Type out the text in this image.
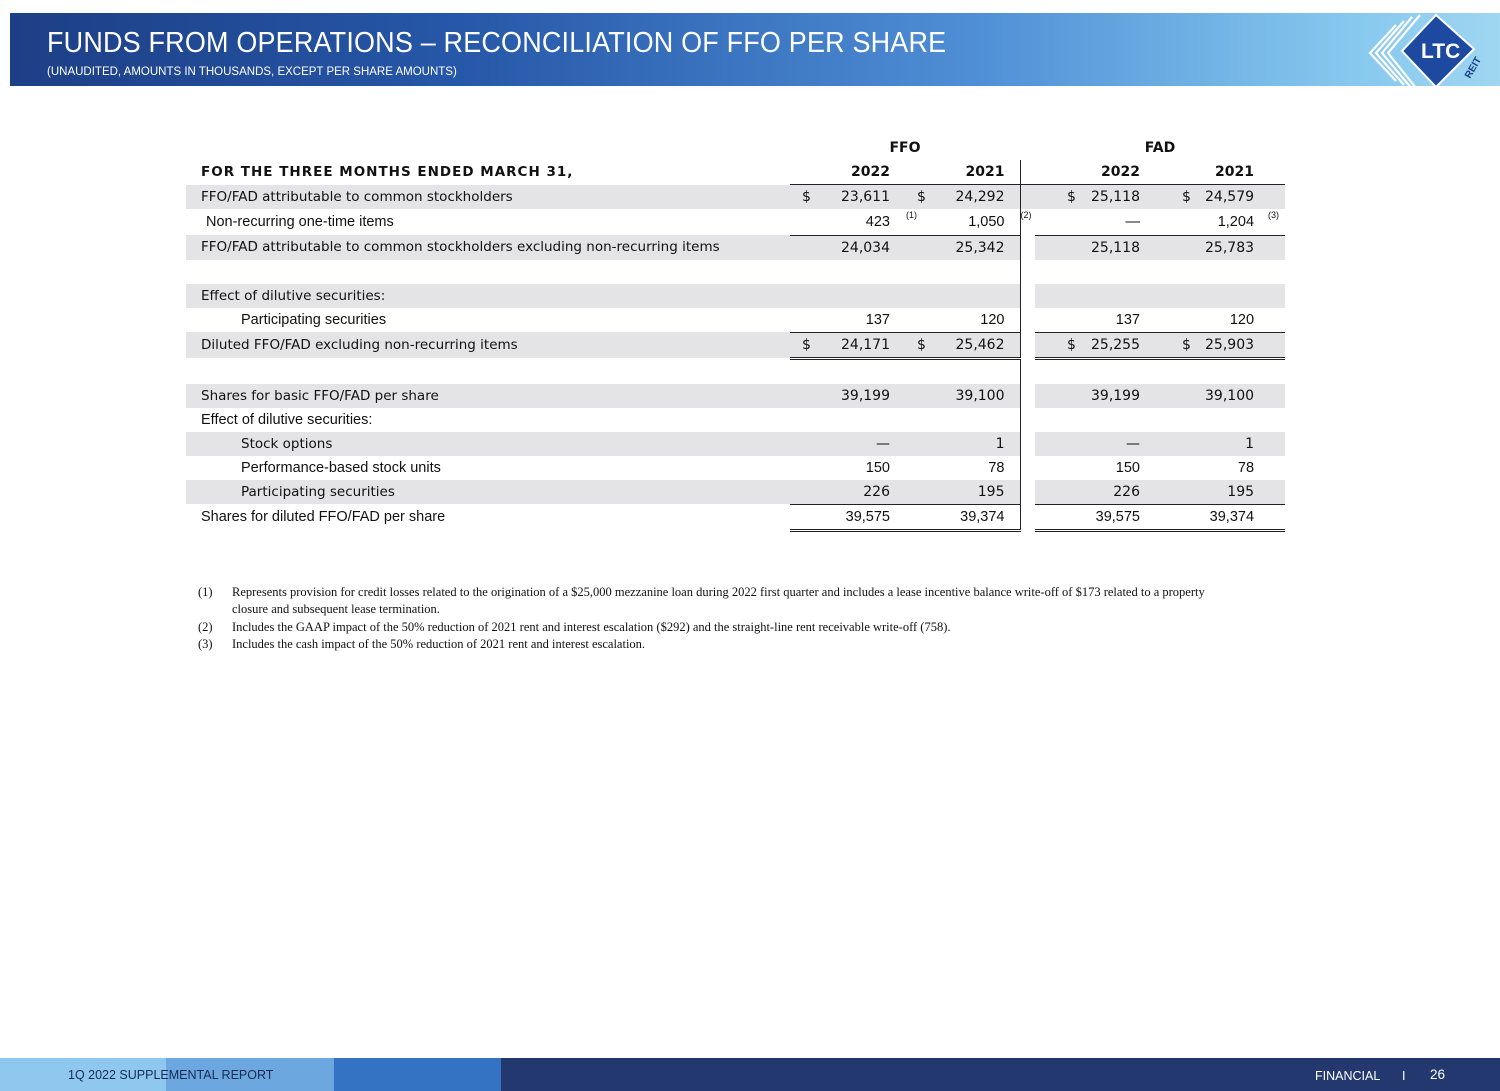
FUNDS FROM OPERATIONS – RECONCILIATION OF FFO PER SHARE
(UNAUDITED, AMOUNTS IN THOUSANDS, EXCEPT PER SHARE AMOUNTS)
LTC
REIT
	FFO			FAD	
FOR THE THREE MONTHS ENDED MARCH 31,	2022	2021		2022	2021
FFO/FAD attributable to common stockholders	$ 23,611	$ 24,292		$ 25,118	$ 24,579
Non-recurring one-time items	423 (1)	1,050 (2)		—	1,204 (3)

FFO/FAD attributable to common stockholders excluding non-recurring items	24,034	25,342		25,118	25,783

Effect of dilutive securities:					
Participating securities	137	120		137	120
Diluted FFO/FAD excluding non-recurring items	$ 24,171	$ 25,462		$ 25,255	$ 25,903

Shares for basic FFO/FAD per share	39,199	39,100		39,199	39,100
Effect of dilutive securities:					
Stock options	—	1		—	1
Performance-based stock units	150	78		150	78
Participating securities	226	195		226	195
Shares for diluted FFO/FAD per share	39,575	39,374		39,575	39,374
(1)	Represents provision for credit losses related to the origination of a $25,000 mezzanine loan during 2022 first quarter and includes a lease incentive balance write-off of $173 related to a property closure and subsequent lease termination.
(2)	Includes the GAAP impact of the 50% reduction of 2021 rent and interest escalation ($292) and the straight-line rent receivable write-off (758).
(3)	Includes the cash impact of the 50% reduction of 2021 rent and interest escalation.
1Q 2022 SUPPLEMENTAL REPORT	FINANCIAL I 26
